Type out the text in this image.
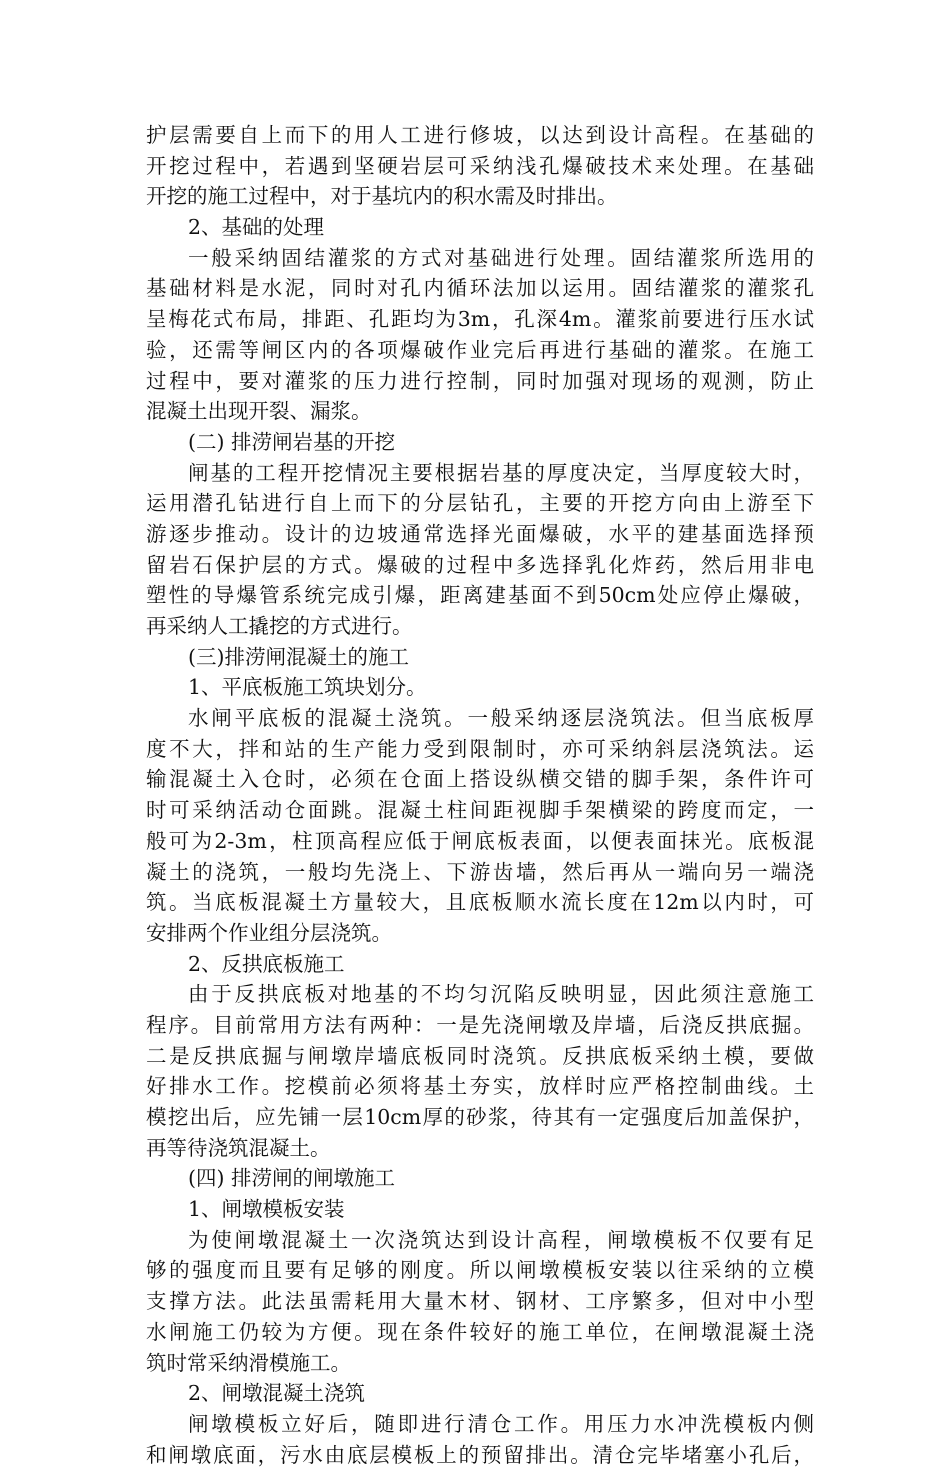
护层需要自上而下的用人工进行修坡，以达到设计高程。在基础的
开挖过程中，若遇到坚硬岩层可采纳浅孔爆破技术来处理。在基础
开挖的施工过程中，对于基坑内的积水需及时排出。
2、基础的处理
一般采纳固结灌浆的方式对基础进行处理。固结灌浆所选用的
基础材料是水泥，同时对孔内循环法加以运用。固结灌浆的灌浆孔
呈梅花式布局，排距、孔距均为3m，孔深4m。灌浆前要进行压水试
验，还需等闸区内的各项爆破作业完后再进行基础的灌浆。在施工
过程中，要对灌浆的压力进行控制，同时加强对现场的观测，防止
混凝土出现开裂、漏浆。
(二) 排涝闸岩基的开挖
闸基的工程开挖情况主要根据岩基的厚度决定，当厚度较大时，
运用潜孔钻进行自上而下的分层钻孔，主要的开挖方向由上游至下
游逐步推动。设计的边坡通常选择光面爆破，水平的建基面选择预
留岩石保护层的方式。爆破的过程中多选择乳化炸药，然后用非电
塑性的导爆管系统完成引爆，距离建基面不到50cm处应停止爆破，
再采纳人工撬挖的方式进行。
(三)排涝闸混凝土的施工
1、平底板施工筑块划分。
水闸平底板的混凝土浇筑。一般采纳逐层浇筑法。但当底板厚
度不大，拌和站的生产能力受到限制时，亦可采纳斜层浇筑法。运
输混凝土入仓时，必须在仓面上搭设纵横交错的脚手架，条件许可
时可采纳活动仓面跳。混凝土柱间距视脚手架横梁的跨度而定，一
般可为2-3m，柱顶高程应低于闸底板表面，以便表面抹光。底板混
凝土的浇筑，一般均先浇上、下游齿墙，然后再从一端向另一端浇
筑。当底板混凝土方量较大，且底板顺水流长度在12m以内时，可
安排两个作业组分层浇筑。
2、反拱底板施工
由于反拱底板对地基的不均匀沉陷反映明显，因此须注意施工
程序。目前常用方法有两种：一是先浇闸墩及岸墙，后浇反拱底掘。
二是反拱底掘与闸墩岸墙底板同时浇筑。反拱底板采纳土模，要做
好排水工作。挖模前必须将基土夯实，放样时应严格控制曲线。土
模挖出后，应先铺一层10cm厚的砂浆，待其有一定强度后加盖保护，
再等待浇筑混凝土。
(四) 排涝闸的闸墩施工
1、闸墩模板安装
为使闸墩混凝土一次浇筑达到设计高程，闸墩模板不仅要有足
够的强度而且要有足够的刚度。所以闸墩模板安装以往采纳的立模
支撑方法。此法虽需耗用大量木材、钢材、工序繁多，但对中小型
水闸施工仍较为方便。现在条件较好的施工单位，在闸墩混凝土浇
筑时常采纳滑模施工。
2、闸墩混凝土浇筑
闸墩模板立好后，随即进行清仓工作。用压力水冲洗模板内侧
和闸墩底面，污水由底层模板上的预留排出。清仓完毕堵塞小孔后，
